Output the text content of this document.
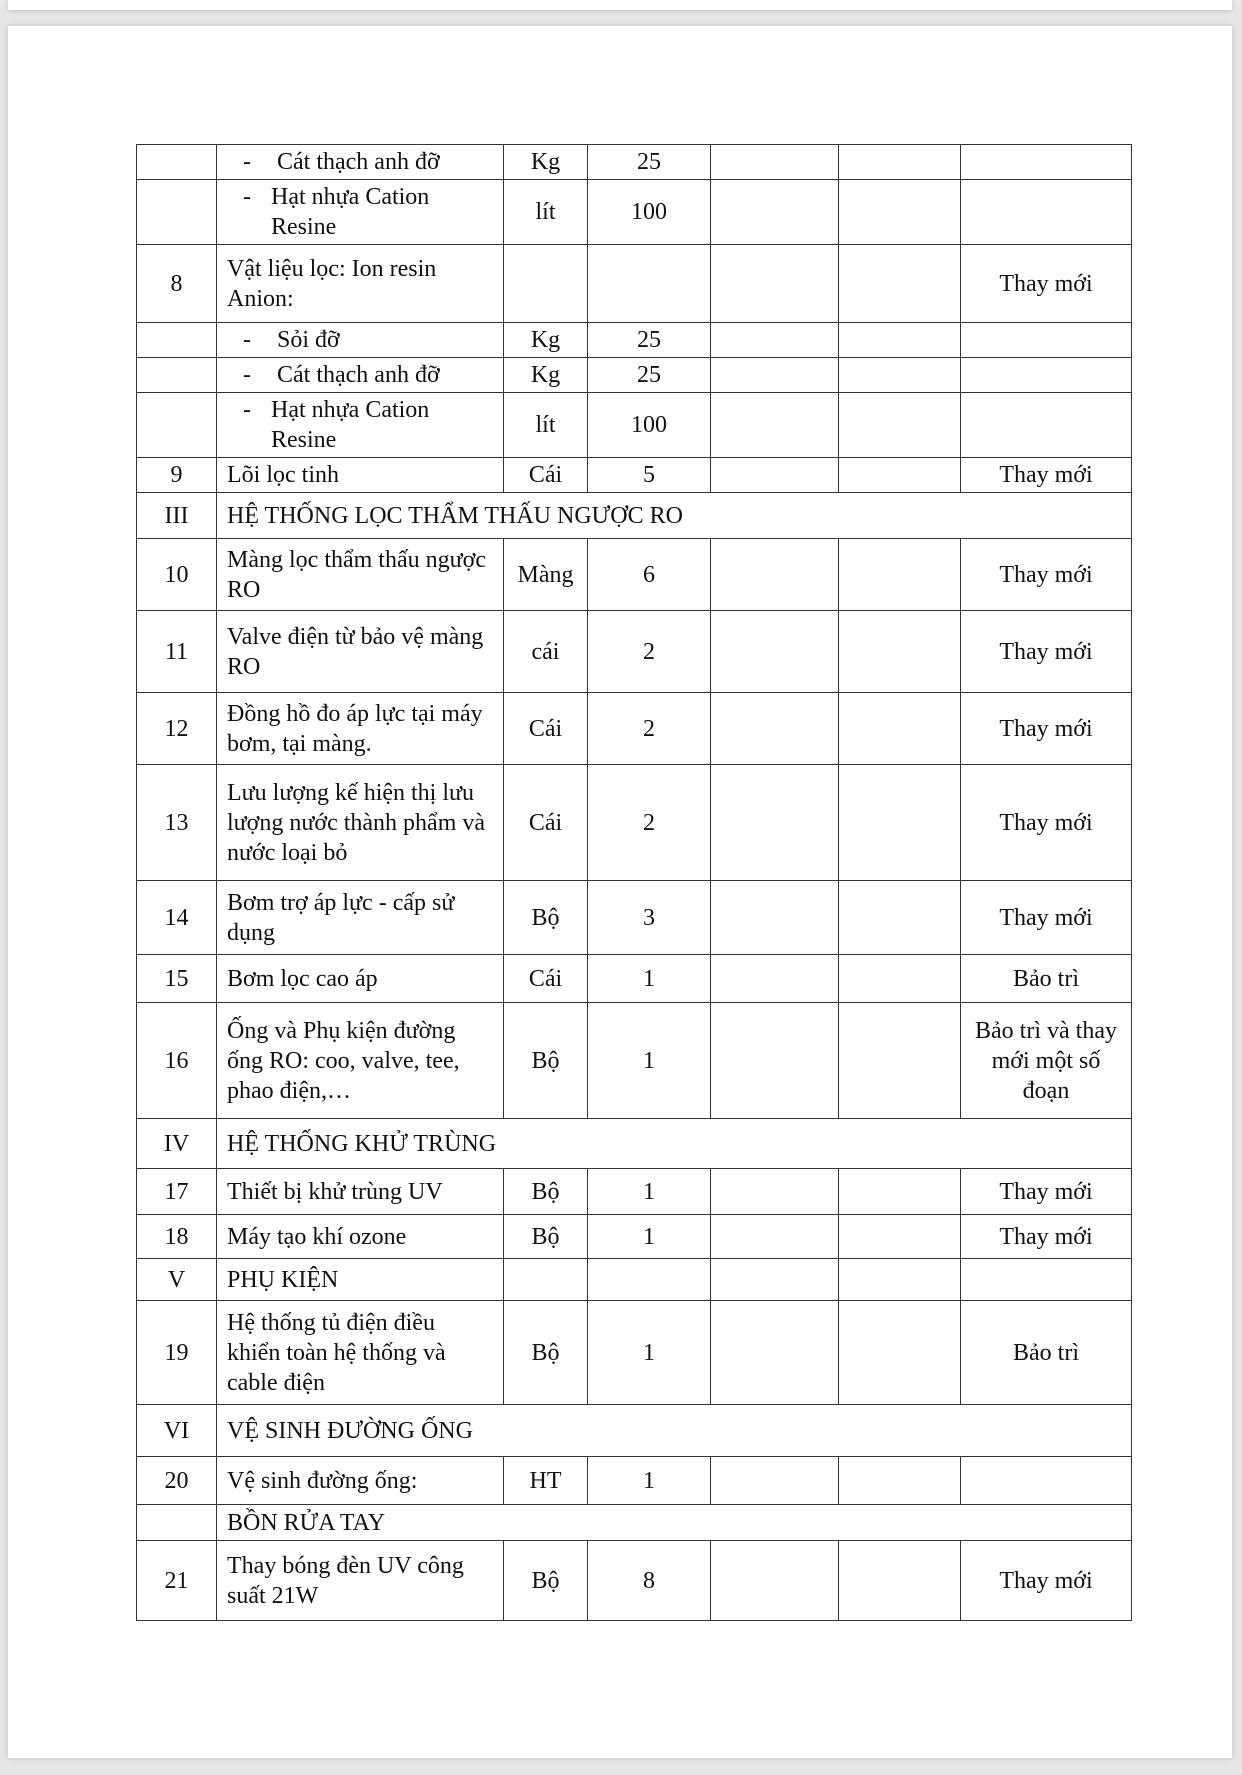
	- Cát thạch anh đỡ	Kg	25			

	- Hạt nhựa Cation Resine	lít	100			
8	Vật liệu lọc: Ion resin Anion:					Thay mới

	- Sỏi đỡ	Kg	25			

	- Cát thạch anh đỡ	Kg	25			

	- Hạt nhựa Cation Resine	lít	100			
9	Lõi lọc tinh	Cái	5			Thay mới
III	HỆ THỐNG LỌC THẨM THẤU NGƯỢC RO					
10	Màng lọc thẩm thấu ngược RO	Màng	6			Thay mới
11	Valve điện từ bảo vệ màng RO	cái	2			Thay mới
12	Đồng hồ đo áp lực tại máy bơm, tại màng.	Cái	2			Thay mới
13	Lưu lượng kế hiện thị lưu lượng nước thành phẩm và nước loại bỏ	Cái	2			Thay mới
14	Bơm trợ áp lực - cấp sử dụng	Bộ	3			Thay mới
15	Bơm lọc cao áp	Cái	1			Bảo trì
16	Ống và Phụ kiện đường ống RO: coo, valve, tee, phao điện,…	Bộ	1			Bảo trì và thay mới một số đoạn
IV	HỆ THỐNG KHỬ TRÙNG					
17	Thiết bị khử trùng UV	Bộ	1			Thay mới
18	Máy tạo khí ozone	Bộ	1			Thay mới
V	PHỤ KIỆN					
19	Hệ thống tủ điện điều khiển toàn hệ thống và cable điện	Bộ	1			Bảo trì
VI	VỆ SINH ĐƯỜNG ỐNG					
20	Vệ sinh đường ống:	HT	1			
	BỒN RỬA TAY					
21	Thay bóng đèn UV công suất 21W	Bộ	8			Thay mới
